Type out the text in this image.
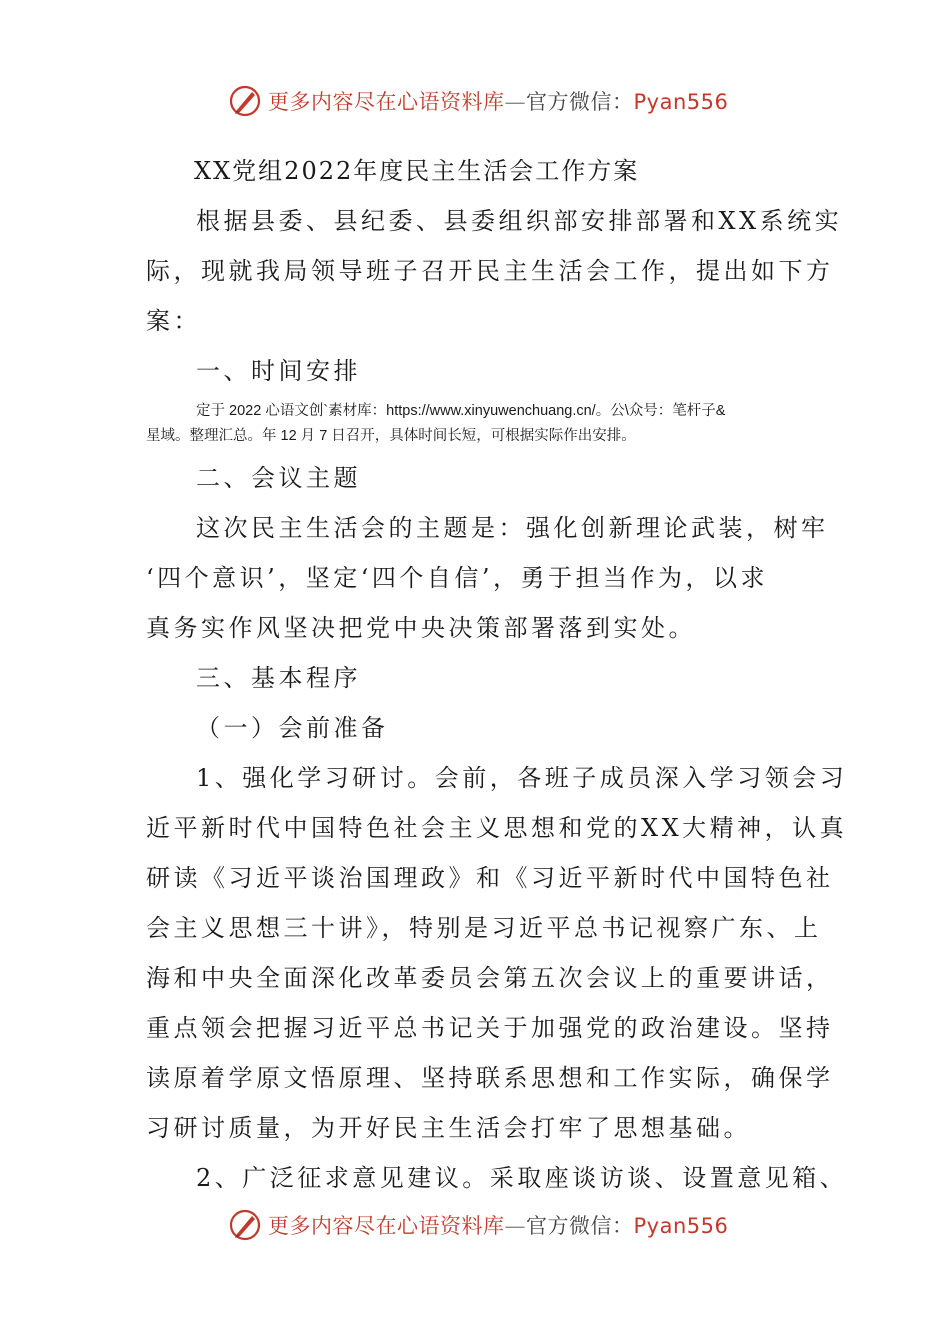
更多内容尽在心语资料库—官方微信：Pyan556

XX党组2022年度民主生活会工作方案

根据县委、县纪委、县委组织部安排部署和XX系统实

际，现就我局领导班子召开民主生活会工作，提出如下方

案：

一、时间安排

定于 2022 心语文创`素材库：https://www.xinyuwenchuang.cn/。公\众号：笔杆子&

星域。整理汇总。年 12 月 7 日召开，具体时间长短，可根据实际作出安排。

二、会议主题

这次民主生活会的主题是：强化创新理论武装，树牢

‘四个意识’，坚定‘四个自信’，勇于担当作为，以求

真务实作风坚决把党中央决策部署落到实处。

三、基本程序

（一）会前准备

1、强化学习研讨。会前，各班子成员深入学习领会习

近平新时代中国特色社会主义思想和党的XX大精神，认真

研读《习近平谈治国理政》和《习近平新时代中国特色社

会主义思想三十讲》，特别是习近平总书记视察广东、上

海和中央全面深化改革委员会第五次会议上的重要讲话，

重点领会把握习近平总书记关于加强党的政治建设。坚持

读原着学原文悟原理、坚持联系思想和工作实际，确保学

习研讨质量，为开好民主生活会打牢了思想基础。

2、广泛征求意见建议。采取座谈访谈、设置意见箱、

更多内容尽在心语资料库—官方微信：Pyan556
